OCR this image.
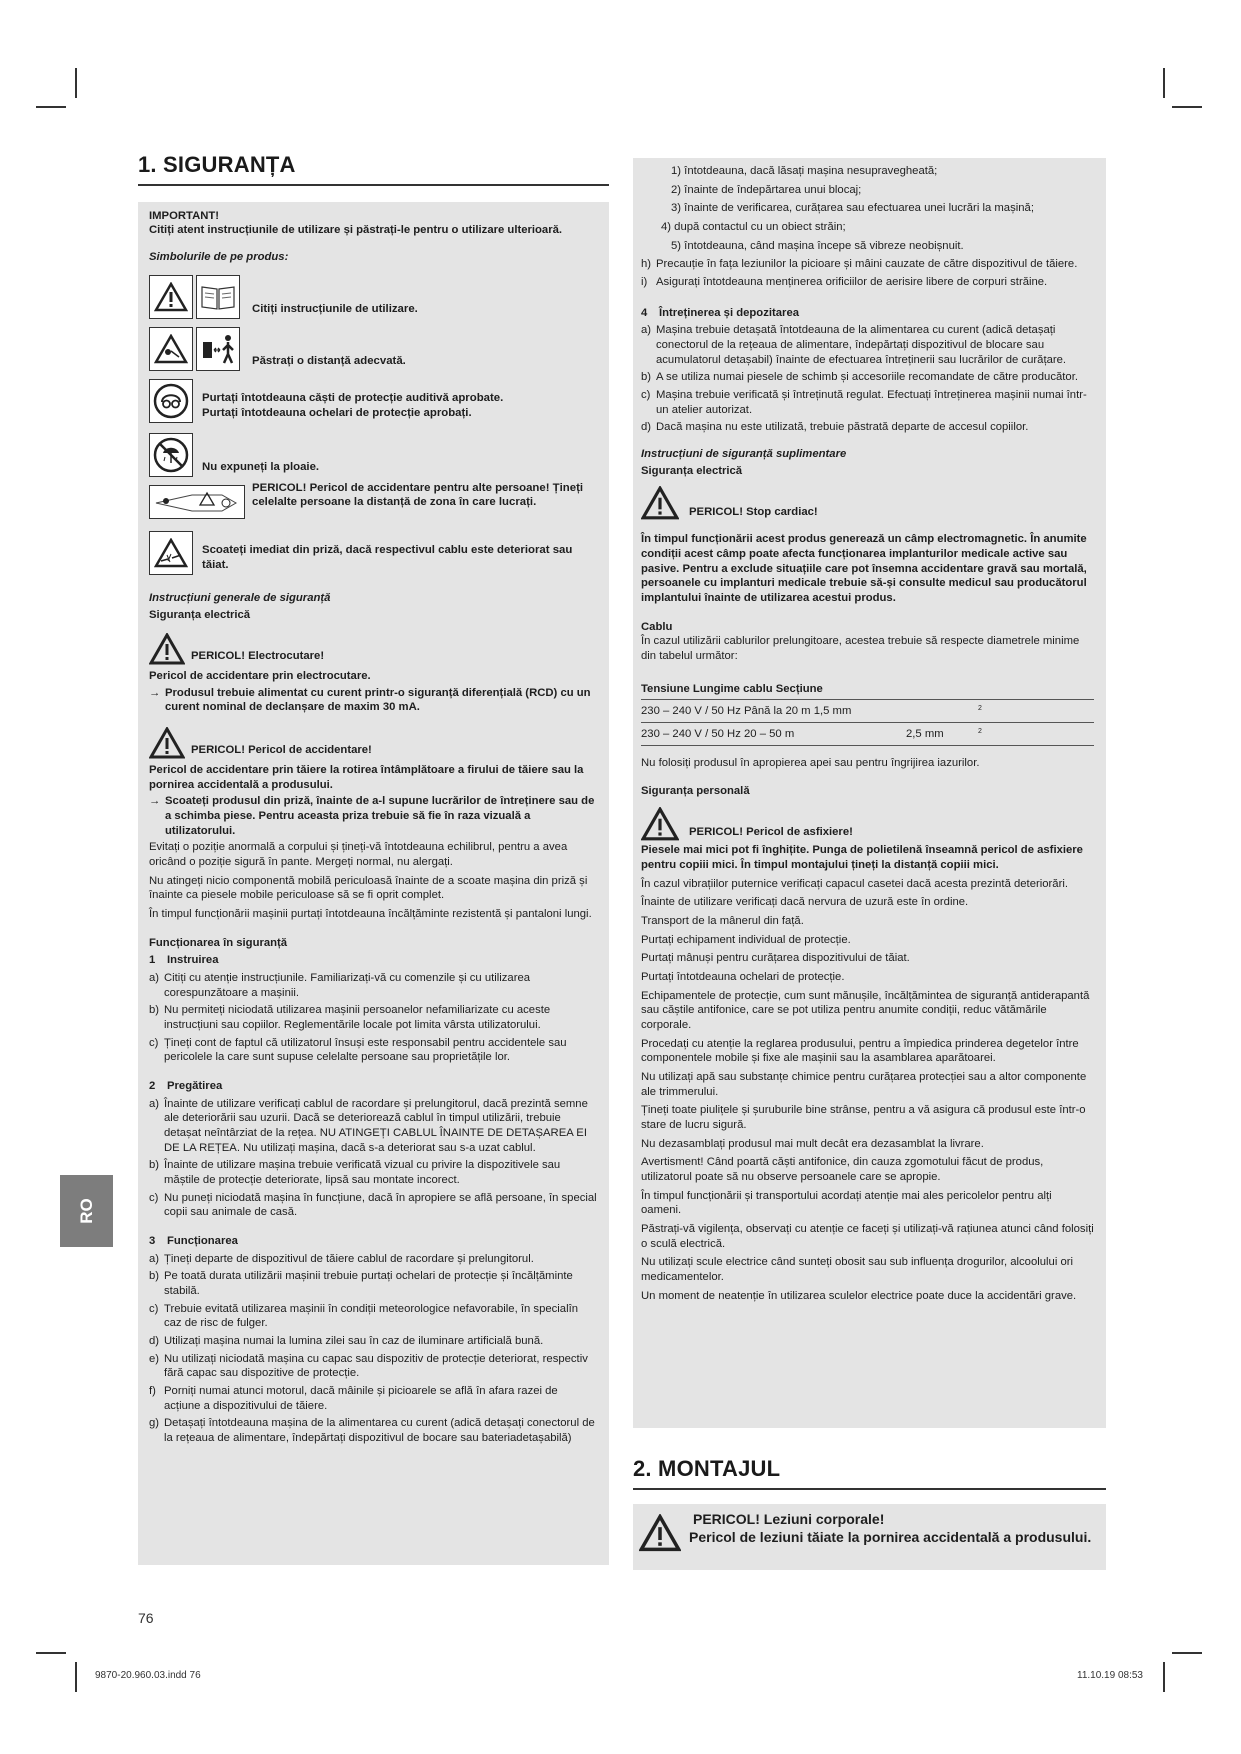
1. SIGURANȚA
IMPORTANT!
Citiți atent instrucțiunile de utilizare și păstrați-le pentru o utilizare ulterioară.
Simbolurile de pe produs:
Citiți instrucțiunile de utilizare.
Păstrați o distanță adecvată.
Purtați întotdeauna căști de protecție auditivă aprobate.
Purtați întotdeauna ochelari de protecție aprobați.
Nu expuneți la ploaie.
PERICOL! Pericol de accidentare pentru alte persoane! Țineți celelalte persoane la distanță de zona în care lucrați.
Scoateți imediat din priză, dacă respectivul cablu este deteriorat sau tăiat.
Instrucțiuni generale de siguranță
Siguranța electrică
PERICOL! Electrocutare!
Pericol de accidentare prin electrocutare.
→ Produsul trebuie alimentat cu curent printr-o siguranță diferențială (RCD) cu un curent nominal de declanșare de maxim 30 mA.
PERICOL! Pericol de accidentare!
Pericol de accidentare prin tăiere la rotirea întâmplătoare a firului de tăiere sau la pornirea accidentală a produsului.
→ Scoateți produsul din priză, înainte de a-l supune lucrărilor de întreținere sau de a schimba piese. Pentru aceasta priza trebuie să fie în raza vizuală a utilizatorului.
Evitați o poziție anormală a corpului și țineți-vă întotdeauna echilibrul, pentru a avea oricând o poziție sigură în pante. Mergeți normal, nu alergați.
Nu atingeți nicio componentă mobilă periculoasă înainte de a scoate mașina din priză și înainte ca piesele mobile periculoase să se fi oprit complet.
În timpul funcționării mașinii purtați întotdeauna încălțăminte rezistentă și pantaloni lungi.
Funcționarea în siguranță
1 Instruirea
a) Citiți cu atenție instrucțiunile. Familiarizați-vă cu comenzile și cu utilizarea corespunzătoare a mașinii.
b) Nu permiteți niciodată utilizarea mașinii persoanelor nefamiliarizate cu aceste instrucțiuni sau copiilor. Reglementările locale pot limita vârsta utilizatorului.
c) Țineți cont de faptul că utilizatorul însuși este responsabil pentru accidentele sau pericolele la care sunt supuse celelalte persoane sau proprietățile lor.
2 Pregătirea
a) Înainte de utilizare verificați cablul de racordare și prelungitorul, dacă prezintă semne ale deteriorării sau uzurii. Dacă se deteriorează cablul în timpul utilizării, trebuie detașat neîntârziat de la rețea. NU ATINGEȚI CABLUL ÎNAINTE DE DETAȘAREA EI DE LA REȚEA. Nu utilizați mașina, dacă s-a deteriorat sau s-a uzat cablul.
b) Înainte de utilizare mașina trebuie verificată vizual cu privire la dispozitivele sau măștile de protecție deteriorate, lipsă sau montate incorect.
c) Nu puneți niciodată mașina în funcțiune, dacă în apropiere se află persoane, în special copii sau animale de casă.
3 Funcționarea
a) Țineți departe de dispozitivul de tăiere cablul de racordare și prelungitorul.
b) Pe toată durata utilizării mașinii trebuie purtați ochelari de protecție și încălțăminte stabilă.
c) Trebuie evitată utilizarea mașinii în condiții meteorologice nefavorabile, în specialîn caz de risc de fulger.
d) Utilizați mașina numai la lumina zilei sau în caz de iluminare artificială bună.
e) Nu utilizați niciodată mașina cu capac sau dispozitiv de protecție deteriorat, respectiv fără capac sau dispozitive de protecție.
f) Porniți numai atunci motorul, dacă mâinile și picioarele se află în afara razei de acțiune a dispozitivului de tăiere.
g) Detașați întotdeauna mașina de la alimentarea cu curent (adică detașați conectorul de la rețeaua de alimentare, îndepărtați dispozitivul de bocare sau bateriadetașabilă)
1) întotdeauna, dacă lăsați mașina nesupravegheată;
2) înainte de îndepărtarea unui blocaj;
3) înainte de verificarea, curățarea sau efectuarea unei lucrări la mașină;
4) după contactul cu un obiect străin;
5) întotdeauna, când mașina începe să vibreze neobișnuit.
h) Precauție în fața leziunilor la picioare și mâini cauzate de către dispozitivul de tăiere.
i) Asigurați întotdeauna menținerea orificiilor de aerisire libere de corpuri străine.
4 Întreținerea și depozitarea
a) Mașina trebuie detașată întotdeauna de la alimentarea cu curent (adică detașați conectorul de la rețeaua de alimentare, îndepărtați dispozitivul de blocare sau acumulatorul detașabil) înainte de efectuarea întreținerii sau lucrărilor de curățare.
b) A se utiliza numai piesele de schimb și accesoriile recomandate de către producător.
c) Mașina trebuie verificată și întreținută regulat. Efectuați întreținerea mașinii numai într-un atelier autorizat.
d) Dacă mașina nu este utilizată, trebuie păstrată departe de accesul copiilor.
Instrucțiuni de siguranță suplimentare
Siguranța electrică
PERICOL! Stop cardiac!
În timpul funcționării acest produs generează un câmp electromagnetic. În anumite condiții acest câmp poate afecta funcționarea implanturilor medicale active sau pasive. Pentru a exclude situațiile care pot însemna accidentare gravă sau mortală, persoanele cu implanturi medicale trebuie să-și consulte medicul sau producătorul implantului înainte de utilizarea acestui produs.
Cablu
În cazul utilizării cablurilor prelungitoare, acestea trebuie să respecte diametrele minime din tabelul următor:
Tensiune Lungime cablu Secțiune
230 – 240 V / 50 Hz Până la 20 m 1,5 mm	2
230 – 240 V / 50 Hz 20 – 50 m	2,5 mm	2
Nu folosiți produsul în apropierea apei sau pentru îngrijirea iazurilor.
Siguranța personală
PERICOL! Pericol de asfixiere!
Piesele mai mici pot fi înghițite. Punga de polietilenă înseamnă pericol de asfixiere pentru copiii mici. În timpul montajului țineți la distanță copiii mici.
În cazul vibrațiilor puternice verificați capacul casetei dacă acesta prezintă deteriorări.
Înainte de utilizare verificați dacă nervura de uzură este în ordine.
Transport de la mânerul din față.
Purtați echipament individual de protecție.
Purtați mânuși pentru curățarea dispozitivului de tăiat.
Purtați întotdeauna ochelari de protecție.
Echipamentele de protecție, cum sunt mănușile, încălțămintea de siguranță antiderapantă sau căștile antifonice, care se pot utiliza pentru anumite condiții, reduc vătămările corporale.
Procedați cu atenție la reglarea produsului, pentru a împiedica prinderea degetelor între componentele mobile și fixe ale mașinii sau la asamblarea aparătoarei.
Nu utilizați apă sau substanțe chimice pentru curățarea protecției sau a altor componente ale trimmerului.
Țineți toate piulițele și șuruburile bine strânse, pentru a vă asigura că produsul este într-o stare de lucru sigură.
Nu dezasamblați produsul mai mult decât era dezasamblat la livrare.
Avertisment! Când poartă căști antifonice, din cauza zgomotului făcut de produs, utilizatorul poate să nu observe persoanele care se apropie.
În timpul funcționării și transportului acordați atenție mai ales pericolelor pentru alți oameni.
Păstrați-vă vigilența, observați cu atenție ce faceți și utilizați-vă rațiunea atunci când folosiți o sculă electrică.
Nu utilizați scule electrice când sunteți obosit sau sub influența drogurilor, alcoolului ori medicamentelor.
Un moment de neatenție în utilizarea sculelor electrice poate duce la accidentări grave.
2. MONTAJUL
PERICOL! Leziuni corporale!
Pericol de leziuni tăiate la pornirea accidentală a produsului.
RO
76
9870-20.960.03.indd 76	11.10.19 08:53
